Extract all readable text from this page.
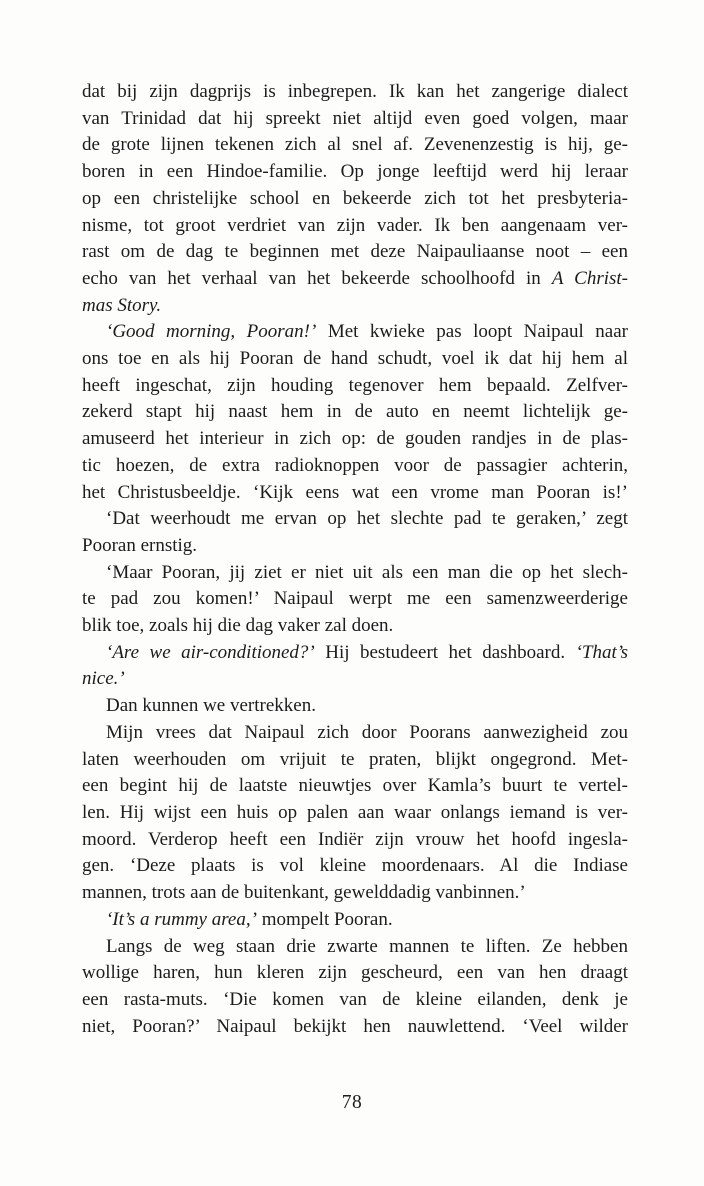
dat bij zijn dagprijs is inbegrepen. Ik kan het zangerige dialect
van Trinidad dat hij spreekt niet altijd even goed volgen, maar
de grote lijnen tekenen zich al snel af. Zevenenzestig is hij, ge-
boren in een Hindoe-familie. Op jonge leeftijd werd hij leraar
op een christelijke school en bekeerde zich tot het presbyteria-
nisme, tot groot verdriet van zijn vader. Ik ben aangenaam ver-
rast om de dag te beginnen met deze Naipauliaanse noot – een
echo van het verhaal van het bekeerde schoolhoofd in A Christ-
mas Story.
‘Good morning, Pooran!’ Met kwieke pas loopt Naipaul naar
ons toe en als hij Pooran de hand schudt, voel ik dat hij hem al
heeft ingeschat, zijn houding tegenover hem bepaald. Zelfver-
zekerd stapt hij naast hem in de auto en neemt lichtelijk ge-
amuseerd het interieur in zich op: de gouden randjes in de plas-
tic hoezen, de extra radioknoppen voor de passagier achterin,
het Christusbeeldje. ‘Kijk eens wat een vrome man Pooran is!’
‘Dat weerhoudt me ervan op het slechte pad te geraken,’ zegt
Pooran ernstig.
‘Maar Pooran, jij ziet er niet uit als een man die op het slech-
te pad zou komen!’ Naipaul werpt me een samenzweerderige
blik toe, zoals hij die dag vaker zal doen.
‘Are we air-conditioned?’ Hij bestudeert het dashboard. ‘That’s
nice.’
Dan kunnen we vertrekken.
Mijn vrees dat Naipaul zich door Poorans aanwezigheid zou
laten weerhouden om vrijuit te praten, blijkt ongegrond. Met-
een begint hij de laatste nieuwtjes over Kamla’s buurt te vertel-
len. Hij wijst een huis op palen aan waar onlangs iemand is ver-
moord. Verderop heeft een Indiër zijn vrouw het hoofd ingesla-
gen. ‘Deze plaats is vol kleine moordenaars. Al die Indiase
mannen, trots aan de buitenkant, gewelddadig vanbinnen.’
‘It’s a rummy area,’ mompelt Pooran.
Langs de weg staan drie zwarte mannen te liften. Ze hebben
wollige haren, hun kleren zijn gescheurd, een van hen draagt
een rasta-muts. ‘Die komen van de kleine eilanden, denk je
niet, Pooran?’ Naipaul bekijkt hen nauwlettend. ‘Veel wilder
78
